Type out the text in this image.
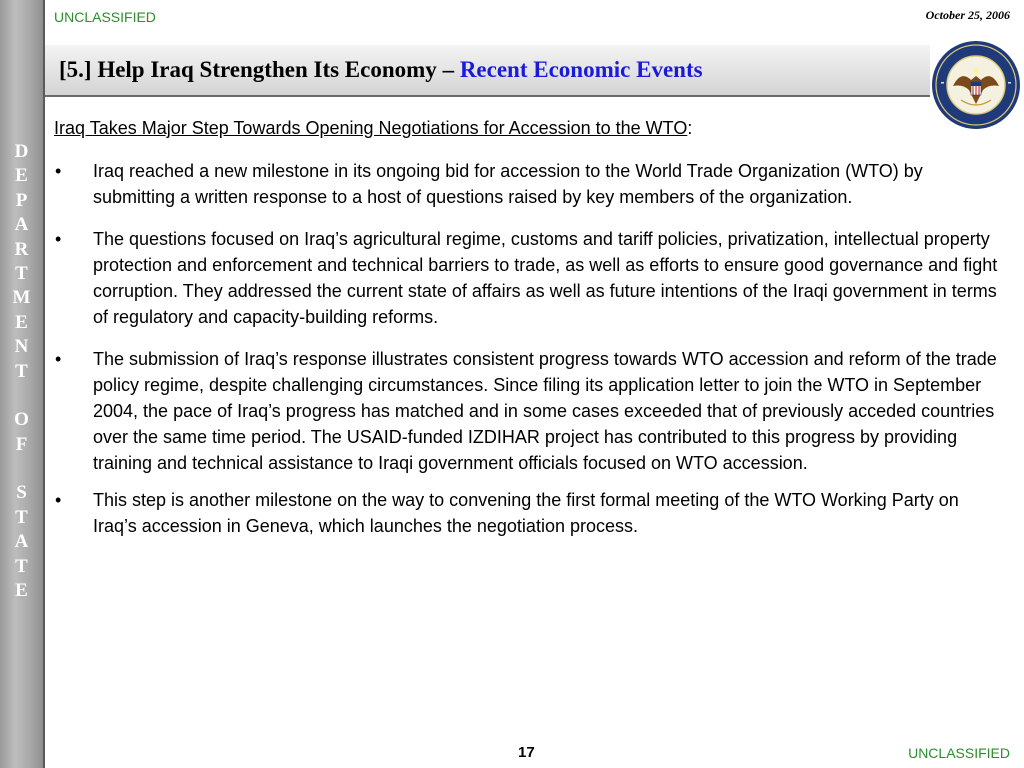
D
E
P
A
R
T
M
E
N
T
O
F
S
T
A
T
E
UNCLASSIFIED	October 25, 2006
[5.] Help Iraq Strengthen Its Economy – Recent Economic Events

Iraq Takes Major Step Towards Opening Negotiations for Accession to the WTO:

•	Iraq reached a new milestone in its ongoing bid for accession to the World Trade Organization (WTO) by submitting a written response to a host of questions raised by key members of the organization.
•	The questions focused on Iraq’s agricultural regime, customs and tariff policies, privatization, intellectual property protection and enforcement and technical barriers to trade, as well as efforts to ensure good governance and fight corruption. They addressed the current state of affairs as well as future intentions of the Iraqi government in terms of regulatory and capacity-building reforms.
•	The submission of Iraq’s response illustrates consistent progress towards WTO accession and reform of the trade policy regime, despite challenging circumstances. Since filing its application letter to join the WTO in September 2004, the pace of Iraq’s progress has matched and in some cases exceeded that of previously acceded countries over the same time period. The USAID-funded IZDIHAR project has contributed to this progress by providing training and technical assistance to Iraqi government officials focused on WTO accession.
•	This step is another milestone on the way to convening the first formal meeting of the WTO Working Party on Iraq’s accession in Geneva, which launches the negotiation process.
17	UNCLASSIFIED
